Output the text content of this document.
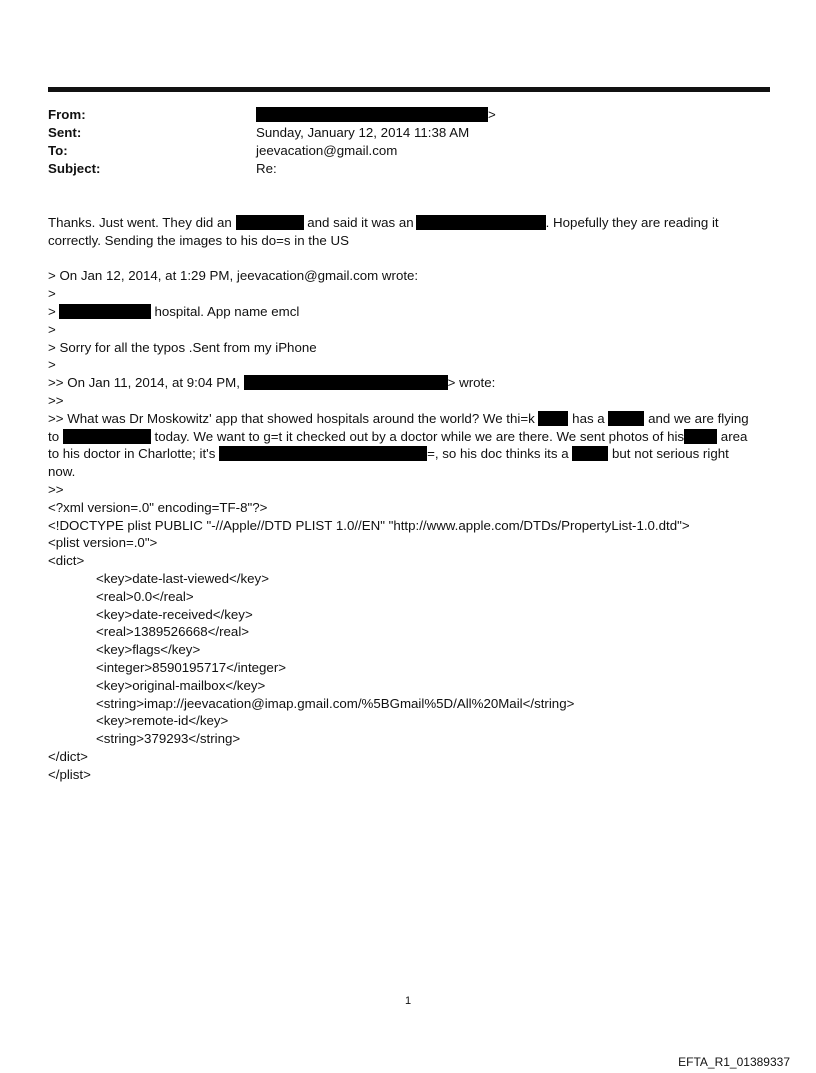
From:	>
Sent:	Sunday, January 12, 2014 11:38 AM
To:	jeevacation@gmail.com
Subject:	Re:
Thanks. Just went. They did an	and said it was an	. Hopefully they are reading it
correctly. Sending the images to his do=s in the US
> On Jan 12, 2014, at 1:29 PM, jeevacation@gmail.com wrote:
>
>	hospital. App name emcl
>
> Sorry for all the typos .Sent from my iPhone
>
>> On Jan 11, 2014, at 9:04 PM,	> wrote:
>>
>> What was Dr Moskowitz' app that showed hospitals around the world? We thi=k	has a	and we are flying
to	today. We want to g=t it checked out by a doctor while we are there. We sent photos of his	area
to his doctor in Charlotte; it's	=, so his doc thinks its a	but not serious right
now.
>>
<?xml version=.0" encoding=TF-8"?>
<!DOCTYPE plist PUBLIC "-//Apple//DTD PLIST 1.0//EN" "http://www.apple.com/DTDs/PropertyList-1.0.dtd">
<plist version=.0">
<dict>
<key>date-last-viewed</key>
<real>0.0</real>
<key>date-received</key>
<real>1389526668</real>
<key>flags</key>
<integer>8590195717</integer>
<key>original-mailbox</key>
<string>imap://jeevacation@imap.gmail.com/%5BGmail%5D/All%20Mail</string>
<key>remote-id</key>
<string>379293</string>
</dict>
</plist>
1
EFTA_R1_01389337
